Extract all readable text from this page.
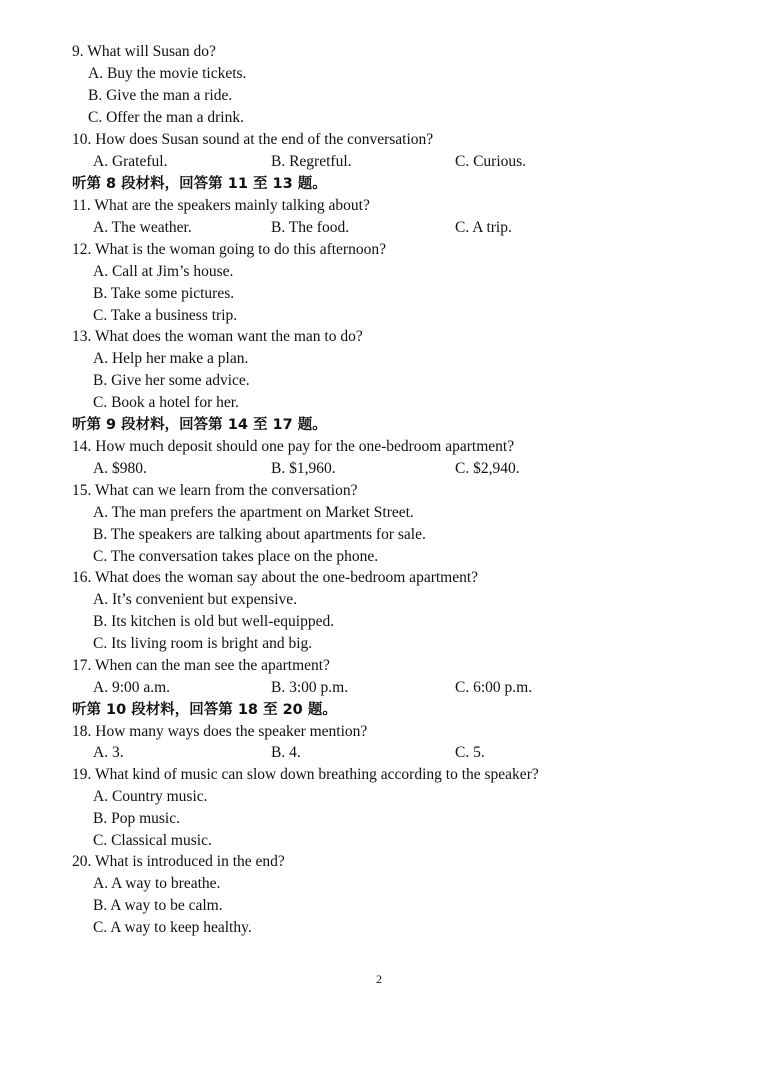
9. What will Susan do?
A. Buy the movie tickets.
B. Give the man a ride.
C. Offer the man a drink.
10. How does Susan sound at the end of the conversation?
A. Grateful.	B. Regretful.	C. Curious.
听第 8 段材料，回答第 11 至 13 题。
11. What are the speakers mainly talking about?
A. The weather.	B. The food.	C. A trip.
12. What is the woman going to do this afternoon?
A. Call at Jim’s house.
B. Take some pictures.
C. Take a business trip.
13. What does the woman want the man to do?
A. Help her make a plan.
B. Give her some advice.
C. Book a hotel for her.
听第 9 段材料，回答第 14 至 17 题。
14. How much deposit should one pay for the one-bedroom apartment?
A. $980.	B. $1,960.	C. $2,940.
15. What can we learn from the conversation?
A. The man prefers the apartment on Market Street.
B. The speakers are talking about apartments for sale.
C. The conversation takes place on the phone.
16. What does the woman say about the one-bedroom apartment?
A. It’s convenient but expensive.
B. Its kitchen is old but well-equipped.
C. Its living room is bright and big.
17. When can the man see the apartment?
A. 9:00 a.m.	B. 3:00 p.m.	C. 6:00 p.m.
听第 10 段材料，回答第 18 至 20 题。
18. How many ways does the speaker mention?
A. 3.	B. 4.	C. 5.
19. What kind of music can slow down breathing according to the speaker?
A. Country music.
B. Pop music.
C. Classical music.
20. What is introduced in the end?
A. A way to breathe.
B. A way to be calm.
C. A way to keep healthy.
2
